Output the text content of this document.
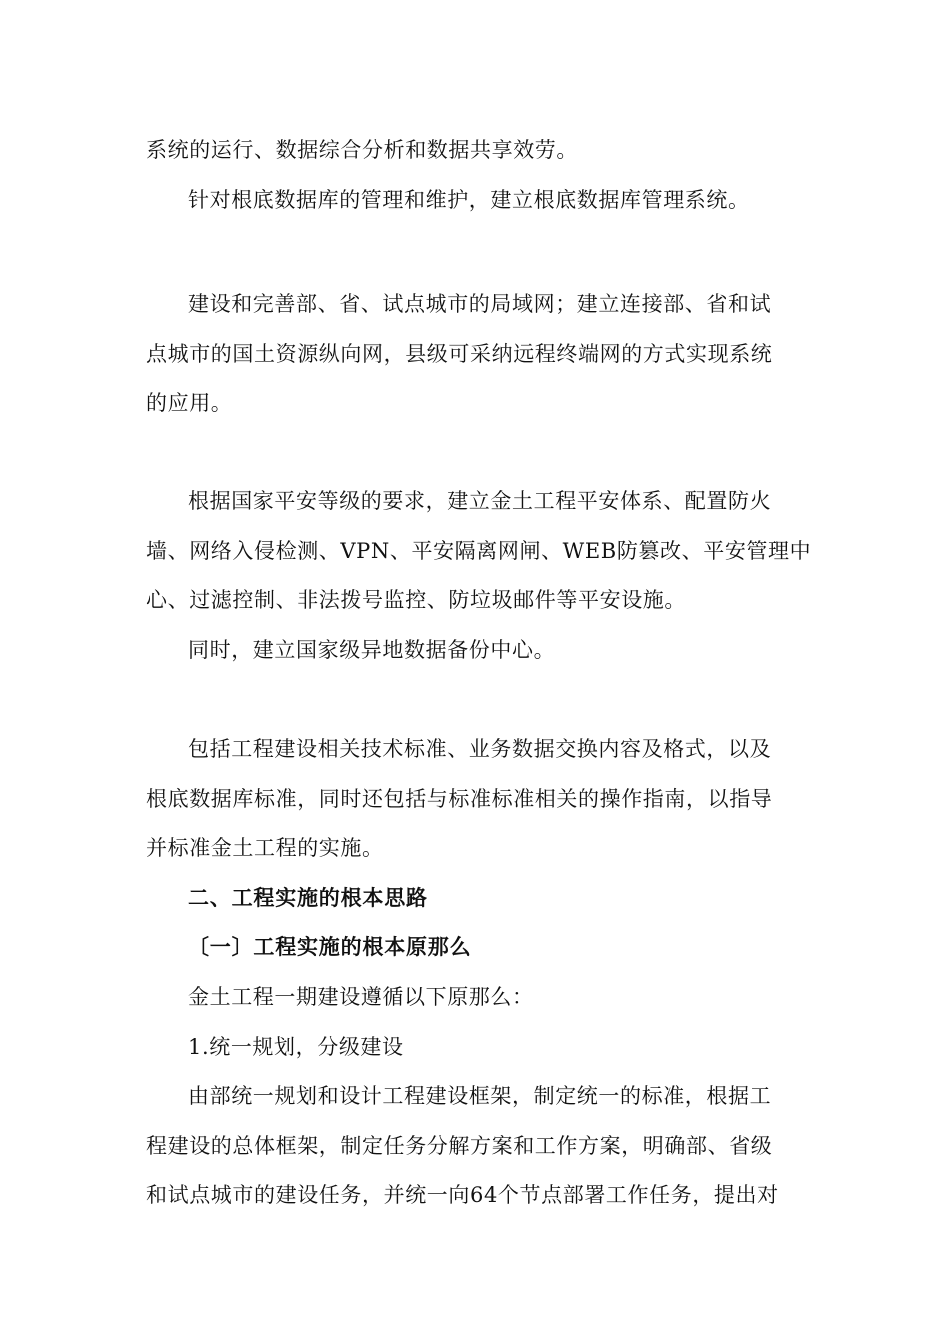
系统的运行、数据综合分析和数据共享效劳。
针对根底数据库的管理和维护，建立根底数据库管理系统。
建设和完善部、省、试点城市的局域网；建立连接部、省和试
点城市的国土资源纵向网，县级可采纳远程终端网的方式实现系统
的应用。
根据国家平安等级的要求，建立金土工程平安体系、配置防火
墙、网络入侵检测、VPN、平安隔离网闸、WEB防篡改、平安管理中
心、过滤控制、非法拨号监控、防垃圾邮件等平安设施。
同时，建立国家级异地数据备份中心。
包括工程建设相关技术标准、业务数据交换内容及格式，以及
根底数据库标准，同时还包括与标准标准相关的操作指南，以指导
并标准金土工程的实施。
二、工程实施的根本思路
〔一〕工程实施的根本原那么
金土工程一期建设遵循以下原那么：
1.统一规划，分级建设
由部统一规划和设计工程建设框架，制定统一的标准，根据工
程建设的总体框架，制定任务分解方案和工作方案，明确部、省级
和试点城市的建设任务，并统一向64个节点部署工作任务，提出对
